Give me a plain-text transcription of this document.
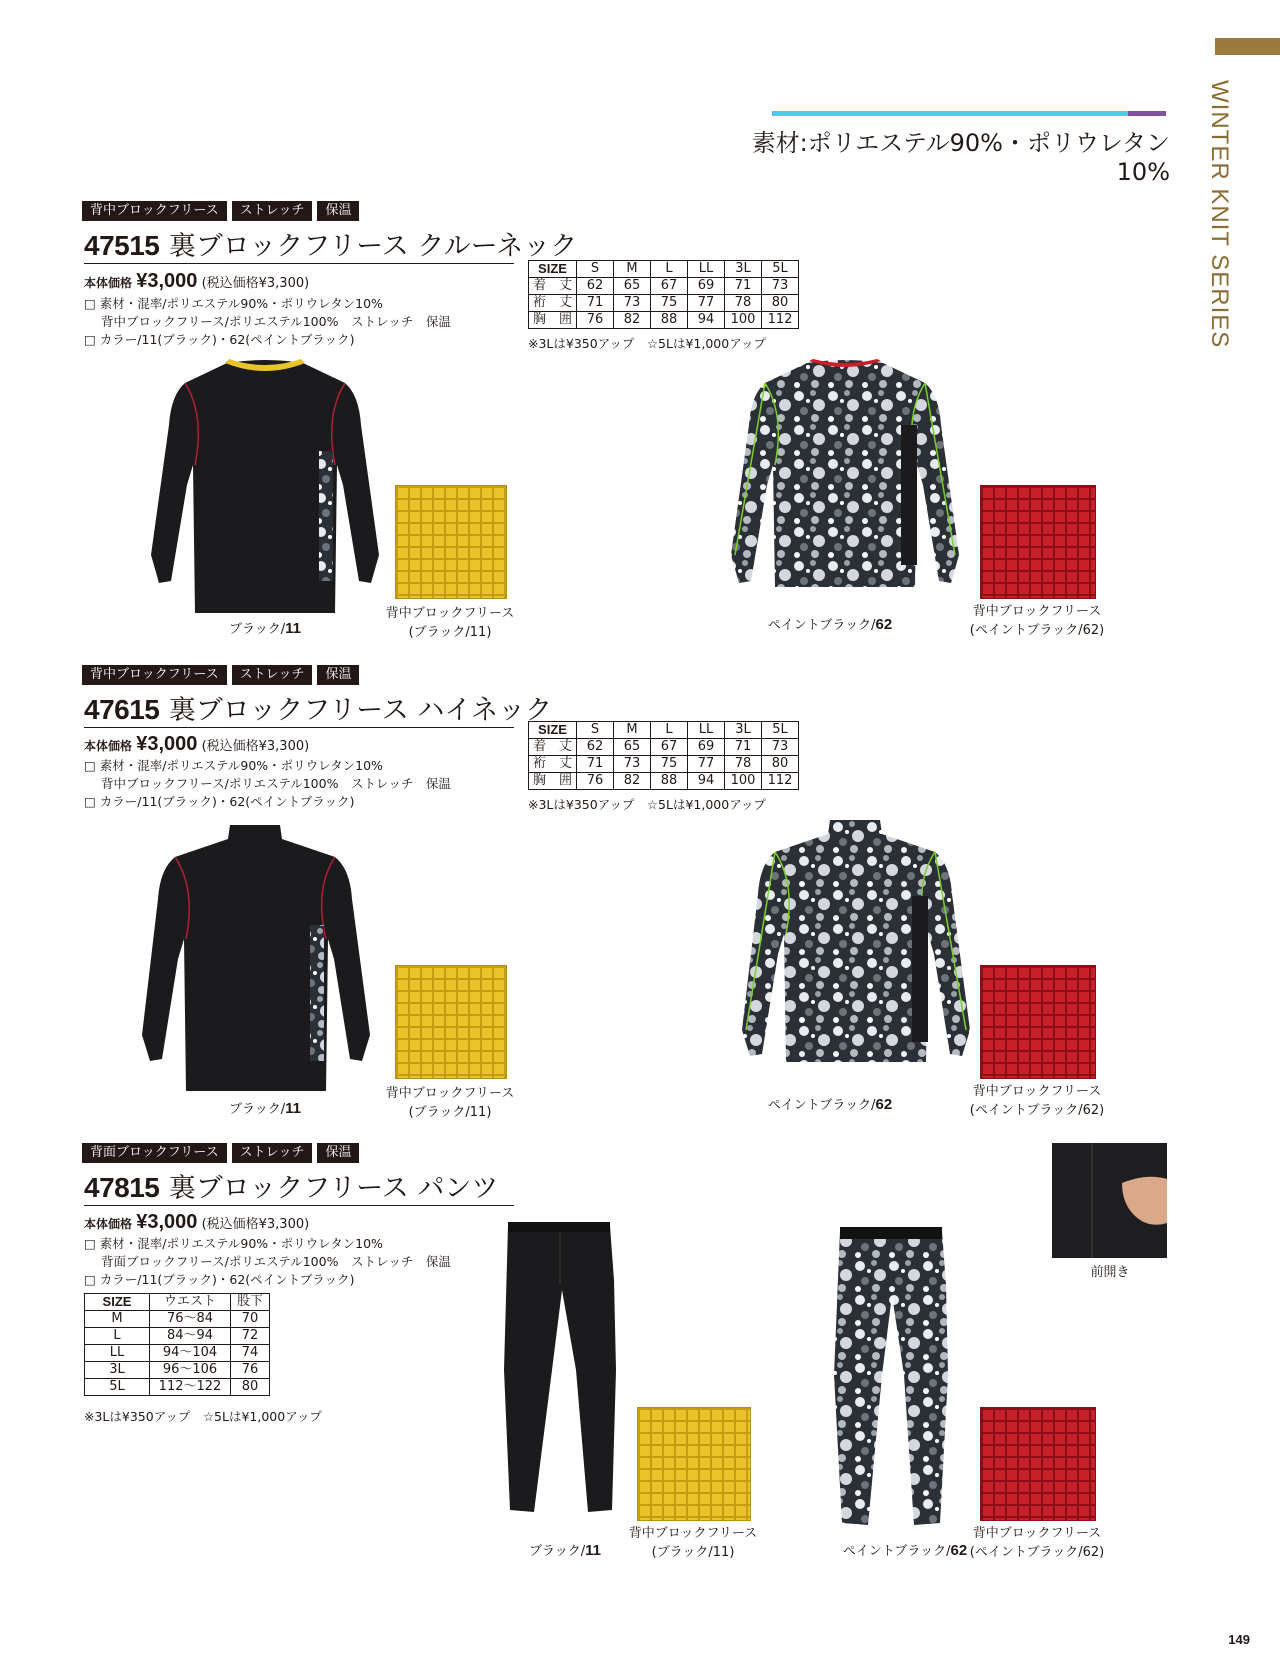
WINTER KNIT SERIES
素材:ポリエステル90%・ポリウレタン10%
背中ブロックフリース	ストレッチ	保温
47515 裏ブロックフリース クルーネック
本体価格 ¥3,000 (税込価格¥3,300)
□ 素材・混率/ポリエステル90%・ポリウレタン10%
背中ブロックフリース/ポリエステル100%　ストレッチ　保温
□ カラー/11(ブラック)・62(ペイントブラック)
SIZE	S	M	L	LL	3L	5L
着　丈	62	65	67	69	71	73
裄　丈	71	73	75	77	78	80
胸　囲	76	82	88	94	100	112
※3Lは¥350アップ　☆5Lは¥1,000アップ
ブラック/11
背中ブロックフリース
(ブラック/11)	ペイントブラック/62
背中ブロックフリース
(ペイントブラック/62)
背中ブロックフリース	ストレッチ	保温
47615 裏ブロックフリース ハイネック
本体価格 ¥3,000 (税込価格¥3,300)
□ 素材・混率/ポリエステル90%・ポリウレタン10%
背中ブロックフリース/ポリエステル100%　ストレッチ　保温
□ カラー/11(ブラック)・62(ペイントブラック)
SIZE	S	M	L	LL	3L	5L
着　丈	62	65	67	69	71	73
裄　丈	71	73	75	77	78	80
胸　囲	76	82	88	94	100	112
※3Lは¥350アップ　☆5Lは¥1,000アップ
ブラック/11
背中ブロックフリース
(ブラック/11)	ペイントブラック/62
背中ブロックフリース
(ペイントブラック/62)
背面ブロックフリース	ストレッチ	保温
47815 裏ブロックフリース パンツ
本体価格 ¥3,000 (税込価格¥3,300)
□ 素材・混率/ポリエステル90%・ポリウレタン10%
背面ブロックフリース/ポリエステル100%　ストレッチ　保温
□ カラー/11(ブラック)・62(ペイントブラック)
SIZE	ウエスト	股下
M	76〜84	70
L	84〜94	72
LL	94〜104	74
3L	96〜106	76
5L	112〜122	80
※3Lは¥350アップ　☆5Lは¥1,000アップ
ブラック/11
背中ブロックフリース
(ブラック/11)	ペイントブラック/62
背中ブロックフリース
(ペイントブラック/62)
前開き
149
